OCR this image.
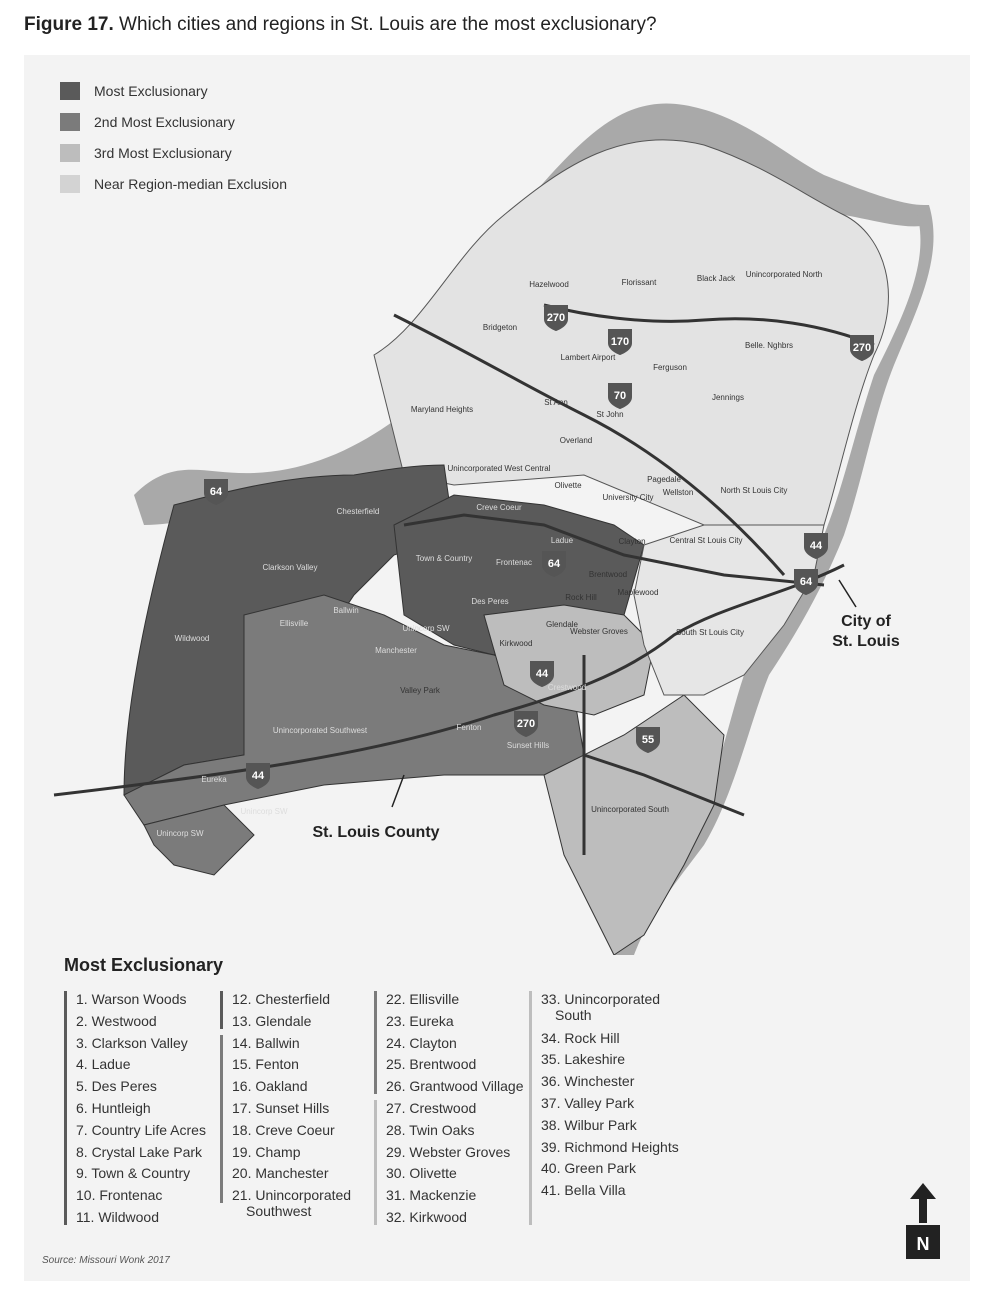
Figure 17. Which cities and regions in St. Louis are the most exclusionary?
Hazelwood	Florissant	Black Jack Unincorporated North
Bridgeton
Lambert Airport
Ferguson
Belle. Nghbrs
Maryland Heights
St Ann
St John
Jennings
Overland
Unincorporated West Central
Olivette
University City
Pagedale
Wellston	North St Louis City
Chesterfield	Creve Coeur
Ladue	Clayton	Central St Louis City
Town & Country	Frontenac
Brentwood
Clarkson Valley
Ballwin
Des Peres	Rock Hill
Maplewood
Wildwood
Ellisville
Unincorp SW	Glendale
Kirkwood
Webster Groves
Manchester
South St Louis City
Valley Park	Crestwood
Unincorporated Southwest	Fenton
Sunset Hills
Eureka
Unincorp SW
Unincorp SW
Unincorporated South
270
170	270
70
64
64
44
64
44
270
55
44
City of
St. Louis
St. Louis County
Most Exclusionary
2nd Most Exclusionary
3rd Most Exclusionary
Near Region-median Exclusion
Most Exclusionary
1. Warson Woods
2. Westwood
3. Clarkson Valley
4. Ladue
5. Des Peres
6. Huntleigh
7. Country Life Acres
8. Crystal Lake Park
9. Town & Country
10. Frontenac
11. Wildwood
12. Chesterfield
13. Glendale
14. Ballwin
15. Fenton
16. Oakland
17. Sunset Hills
18. Creve Coeur
19. Champ
20. Manchester
21. Unincorporated
Southwest
22. Ellisville
23. Eureka
24. Clayton
25. Brentwood
26. Grantwood Village
27. Crestwood
28. Twin Oaks
29. Webster Groves
30. Olivette
31. Mackenzie
32. Kirkwood
33. Unincorporated
South
34. Rock Hill
35. Lakeshire
36. Winchester
37. Valley Park
38. Wilbur Park
39. Richmond Heights
40. Green Park
41. Bella Villa
Source: Missouri Wonk 2017
N
